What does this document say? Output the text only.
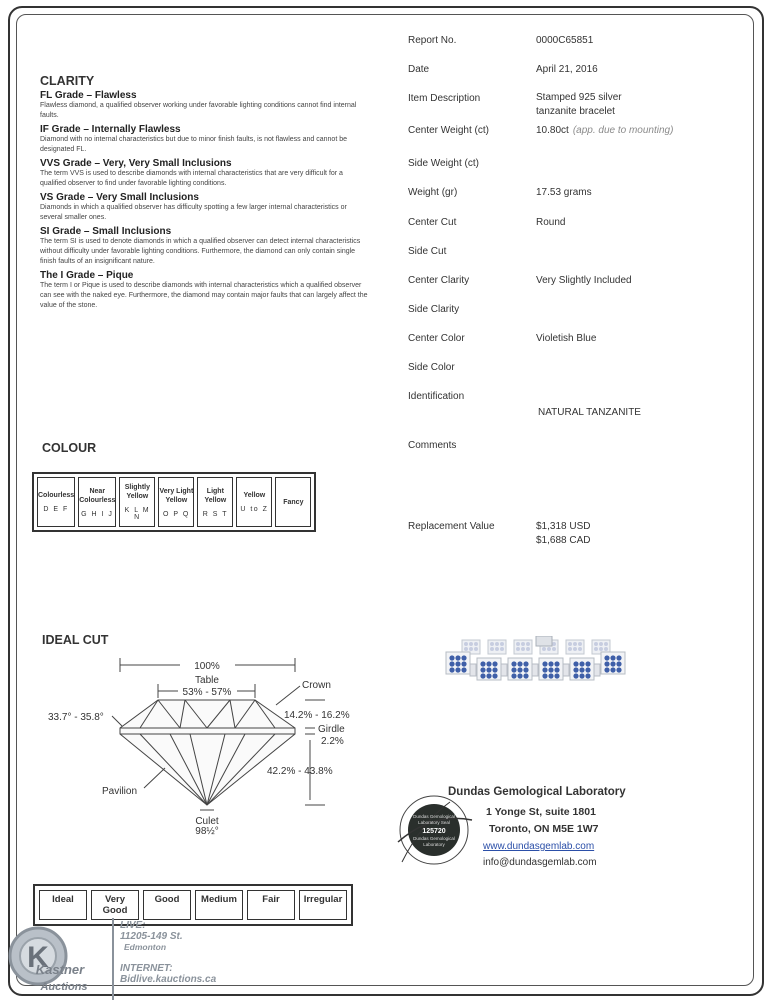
CLARITY
FL Grade – Flawless
Flawless diamond, a qualified observer working under favorable lighting conditions cannot find internal faults.
IF Grade – Internally Flawless
Diamond with no internal characteristics but due to minor finish faults, is not flawless and cannot be designated FL.
VVS Grade – Very, Very Small Inclusions
The term VVS is used to describe diamonds with internal characteristics that are very difficult for a qualified observer to find under favorable lighting conditions.
VS Grade – Very Small Inclusions
Diamonds in which a qualified observer has difficulty spotting a few larger internal characteristics or several smaller ones.
SI Grade – Small Inclusions
The term SI is used to denote diamonds in which a qualified observer can detect internal characteristics without difficulty under favorable lighting conditions. Furthermore, the diamond can only contain single finish faults of an insignificant nature.
The I Grade – Pique
The term I or Pique is used to describe diamonds with internal characteristics which a qualified observer can see with the naked eye. Furthermore, the diamond may contain major faults that can largely affect the value of the stone.
Report No.	0000C65851
Date	April 21, 2016
Item Description	Stamped 925 silver
tanzanite bracelet
Center Weight (ct)	10.80ct (app. due to mounting)
Side Weight (ct)
Weight (gr)	17.53 grams
Center Cut	Round
Side Cut
Center Clarity	Very Slightly Included
Side Clarity
Center Color	Violetish Blue
Side Color
Identification
NATURAL TANZANITE
Comments
Replacement Value	$1,318 USD
$1,688 CAD
COLOUR
Colourless
D E F

Near Colourless
G H I J

Slightly Yellow
K L M N

Very Light Yellow
O P Q

Light Yellow
R S T

Yellow
U to Z

Fancy
IDEAL CUT
100%
Table
53% - 57%
Crown
33.7° - 35.8°	14.2% - 16.2%
Girdle
2.2%
42.2% - 43.8%
Pavilion
Culet
98½°
Ideal	Very Good	Good	Medium	Fair	Irregular
Dundas Gemological
Laboratory Seal
125720
Dundas Gemological
Laboratory
Dundas Gemological Laboratory
1 Yonge St, suite 1801
Toronto, ON M5E 1W7
www.dundasgemlab.com
info@dundasgemlab.com
K
Kastner
Auctions
LIVE:
11205-149 St.
Edmonton
INTERNET:
Bidlive.kauctions.ca
